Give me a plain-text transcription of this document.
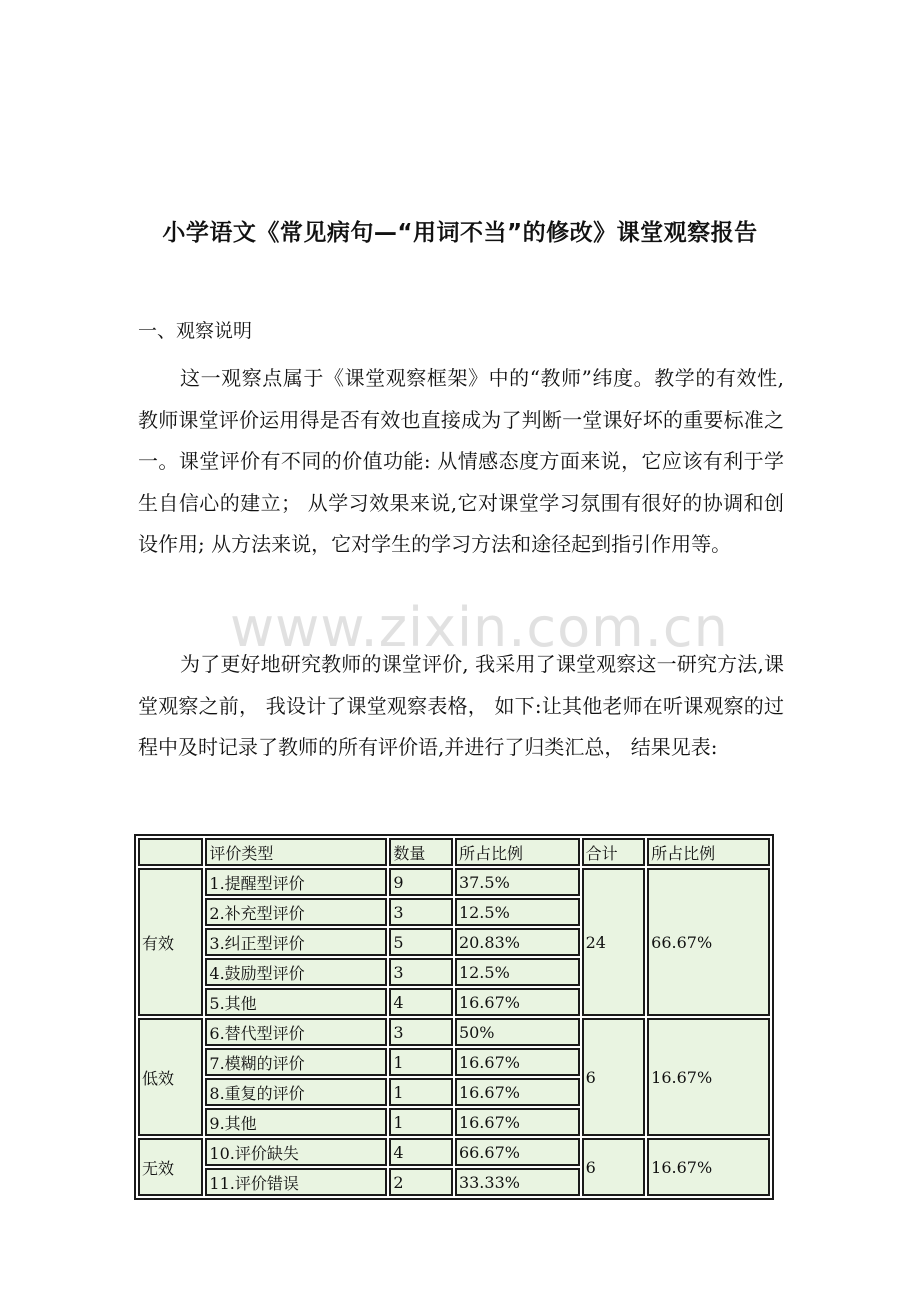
小学语文《常见病句—“用词不当”的修改》课堂观察报告
一、观察说明

这一观察点属于《课堂观察框架》中的“教师”纬度。教学的有效性,教师课堂评价运用得是否有效也直接成为了判断一堂课好坏的重要标准之一。课堂评价有不同的价值功能: 从情感态度方面来说，它应该有利于学生自信心的建立； 从学习效果来说,它对课堂学习氛围有很好的协调和创设作用; 从方法来说，它对学生的学习方法和途径起到指引作用等。

www.zixin.com.cn

为了更好地研究教师的课堂评价, 我采用了课堂观察这一研究方法,课堂观察之前， 我设计了课堂观察表格， 如下:让其他老师在听课观察的过程中及时记录了教师的所有评价语,并进行了归类汇总， 结果见表:

	评价类型	数量	所占比例	合计	所占比例
有效	1.提醒型评价	9	37.5%	24	66.67%
	2.补充型评价	3	12.5%		
	3.纠正型评价	5	20.83%		
	4.鼓励型评价	3	12.5%		
	5.其他	4	16.67%		
低效	6.替代型评价	3	50%	6	16.67%
	7.模糊的评价	1	16.67%		
	8.重复的评价	1	16.67%		
	9.其他	1	16.67%		
无效	10.评价缺失	4	66.67%	6	16.67%
	11.评价错误	2	33.33%		
